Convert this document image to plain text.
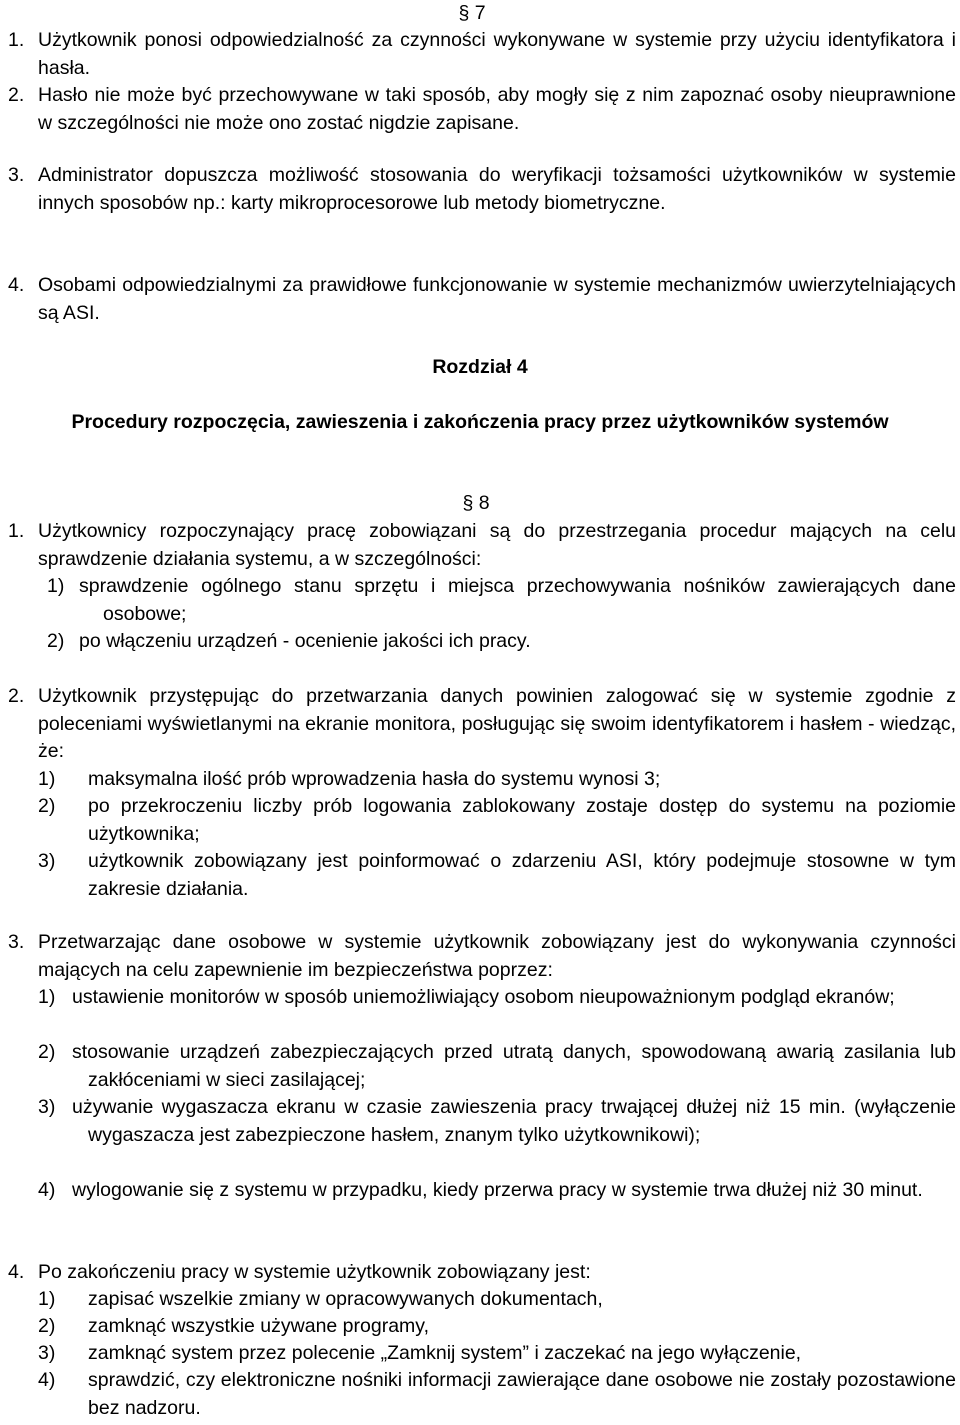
§ 7
1. Użytkownik ponosi odpowiedzialność za czynności wykonywane w systemie przy użyciu identyfikatora i hasła.
2. Hasło nie może być przechowywane w taki sposób, aby mogły się z nim zapoznać osoby nieuprawnione w szczególności nie może ono zostać nigdzie zapisane.
3. Administrator dopuszcza możliwość stosowania do weryfikacji tożsamości użytkowników w systemie innych sposobów np.: karty mikroprocesorowe lub metody biometryczne.
4. Osobami odpowiedzialnymi za prawidłowe funkcjonowanie w systemie mechanizmów uwierzytelniających są ASI.
Rozdział 4
Procedury rozpoczęcia, zawieszenia i zakończenia pracy przez użytkowników systemów
§ 8
1. Użytkownicy rozpoczynający pracę zobowiązani są do przestrzegania procedur mających na celu sprawdzenie działania systemu, a w szczególności:
1) sprawdzenie ogólnego stanu sprzętu i miejsca przechowywania nośników zawierających dane osobowe;
2) po włączeniu urządzeń - ocenienie jakości ich pracy.
2. Użytkownik przystępując do przetwarzania danych powinien zalogować się w systemie zgodnie z poleceniami wyświetlanymi na ekranie monitora, posługując się swoim identyfikatorem i hasłem - wiedząc, że:
1) maksymalna ilość prób wprowadzenia hasła do systemu wynosi 3;
2) po przekroczeniu liczby prób logowania zablokowany zostaje dostęp do systemu na poziomie użytkownika;
3) użytkownik zobowiązany jest poinformować o zdarzeniu ASI, który podejmuje stosowne w tym zakresie działania.
3. Przetwarzając dane osobowe w systemie użytkownik zobowiązany jest do wykonywania czynności mających na celu zapewnienie im bezpieczeństwa poprzez:
1) ustawienie monitorów w sposób uniemożliwiający osobom nieupoważnionym podgląd ekranów;
2) stosowanie urządzeń zabezpieczających przed utratą danych, spowodowaną awarią zasilania lub zakłóceniami w sieci zasilającej;
3) używanie wygaszacza ekranu w czasie zawieszenia pracy trwającej dłużej niż 15 min. (wyłączenie wygaszacza jest zabezpieczone hasłem, znanym tylko użytkownikowi);
4) wylogowanie się z systemu w przypadku, kiedy przerwa pracy w systemie trwa dłużej niż 30 minut.
4. Po zakończeniu pracy w systemie użytkownik zobowiązany jest:
1) zapisać wszelkie zmiany w opracowywanych dokumentach,
2) zamknąć wszystkie używane programy,
3) zamknąć system przez polecenie „Zamknij system” i zaczekać na jego wyłączenie,
4) sprawdzić, czy elektroniczne nośniki informacji zawierające dane osobowe nie zostały pozostawione bez nadzoru.
